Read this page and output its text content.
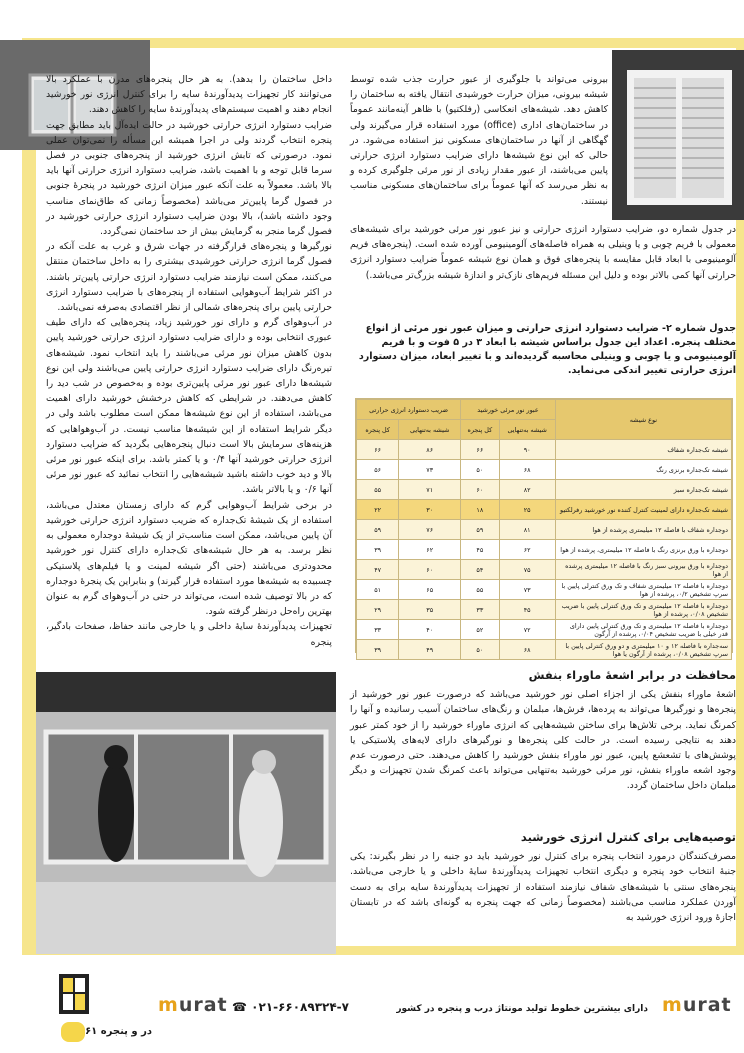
داخل ساختمان را بدهد). به هر حال پنجره‌های مدرن با عملکرد بالا می‌توانند کار تجهیزات پدیدآورندهٔ سایه را برای کنترل انرژی نور خورشید انجام دهند و اهمیت سیستم‌های پدیدآورندهٔ سایه را کاهش دهند.

ضرایب دستوارد انرژی حرارتی خورشید در حالت ایده‌آل باید مطابق جهت پنجره انتخاب گردند ولی در اجرا همیشه این مسأله را نمی‌توان عملی نمود. درصورتی که تابش انرژی خورشید از پنجره‌های جنوبی در فصل سرما قابل توجه و با اهمیت باشد، ضرایب دستوارد انرژی حرارتی آنها باید بالا باشد. معمولاً به علت آنکه عبور میزان انرژی خورشید در پنجرهٔ جنوبی در فصول گرما پایین‌تر می‌باشد (مخصوصاً زمانی که طاق‌نمای مناسب وجود داشته باشد)، بالا بودن ضرایب دستوارد انرژی حرارتی خورشید در فصول گرما منجر به گرمایش بیش از حد ساختمان نمی‌گردد.

نورگیرها و پنجره‌های قرارگرفته در جهات شرق و غرب به علت آنکه در فصول گرما انرژی حرارتی خورشیدی بیشتری را به داخل ساختمان منتقل می‌کنند، ممکن است نیازمند ضرایب دستوارد انرژی حرارتی پایین‌تر باشند. در اکثر شرایط آب‌وهوایی استفاده از پنجره‌های با ضرایب دستوارد انرژی حرارتی پایین برای پنجره‌های شمالی از نظر اقتصادی به‌صرفه نمی‌باشد.

در آب‌وهوای گرم و دارای نور خورشید زیاد، پنجره‌هایی که دارای طیف عبوری انتخابی بوده و دارای ضرایب دستوارد انرژی حرارتی خورشید پایین بدون کاهش میزان نور مرئی می‌باشند را باید انتخاب نمود. شیشه‌های تیره‌رنگ دارای ضرایب دستوارد انرژی حرارتی پایین می‌باشند ولی این نوع شیشه‌ها دارای عبور نور مرئی پایین‌تری بوده و به‌خصوص در شب دید را کاهش می‌دهند. در شرایطی که کاهش درخشش خورشید دارای اهمیت می‌باشد، استفاده از این نوع شیشه‌ها ممکن است مطلوب باشد ولی در دیگر شرایط استفاده از این شیشه‌ها مناسب نیست. در آب‌وهواهایی که هزینه‌های سرمایش بالا است دنبال پنجره‌هایی بگردید که ضرایب دستوارد انرژی حرارتی خورشید آنها ۰/۴ و یا کمتر باشد. برای اینکه عبور نور مرئی بالا و دید خوب داشته باشید شیشه‌هایی را انتخاب نمائید که عبور نور مرئی آنها ۰/۶ و یا بالاتر باشد.

در برخی شرایط آب‌وهوایی گرم که دارای زمستان معتدل می‌باشد، استفاده از یک شیشهٔ تک‌جداره که ضریب دستوارد انرژی حرارتی خورشید آن پایین می‌باشد، ممکن است مناسب‌تر از یک شیشهٔ دوجداره معمولی به نظر برسد. به هر حال شیشه‌های تک‌جداره دارای کنترل نور خورشید محدودتری می‌باشند (حتی اگر شیشه لمینت و یا فیلم‌های پلاستیکی چسبیده به شیشه‌ها مورد استفاده قرار گیرند) و بنابراین یک پنجرهٔ دوجداره که در بالا توصیف شده است، می‌تواند در حتی در آب‌وهوای گرم به عنوان بهترین راه‌حل درنظر گرفته شود.

تجهیزات پدیدآورندهٔ سایهٔ داخلی و یا خارجی مانند حفاظ، صفحات بادگیر، پنجره

بیرونی می‌تواند با جلوگیری از عبور حرارت جذب شده توسط شیشه بیرونی، میزان حرارت خورشیدی انتقال یافته به ساختمان را کاهش دهد. شیشه‌های انعکاسی (رفلکتیو) با ظاهر آینه‌مانند عموماً در ساختمان‌های اداری (office) مورد استفاده قرار می‌گیرند ولی گهگاهی از آنها در ساختمان‌های مسکونی نیز استفاده می‌شود. در حالی که این نوع شیشه‌ها دارای ضرایب دستوارد انرژی حرارتی پایین می‌باشند، از عبور مقدار زیادی از نور مرئی جلوگیری کرده و به نظر می‌رسد که آنها عموماً برای ساختمان‌های مسکونی مناسب نیستند.

در جدول شماره دو، ضرایب دستوارد انرژی حرارتی و نیز عبور نور مرئی خورشید برای شیشه‌های معمولی با فریم چوبی و یا وینیلی به همراه فاصله‌های آلومینیومی آورده شده است. (پنجره‌های فریم آلومینیومی با ابعاد قابل مقایسه با پنجره‌های فوق و همان نوع شیشه عموماً ضرایب دستوارد انرژی حرارتی آنها کمی بالاتر بوده و دلیل این مسئله فریم‌های نازک‌تر و اندازهٔ شیشه بزرگ‌تر می‌باشد.)

جدول شماره ۲- ضرایب دستوارد انرژی حرارتی و میزان عبور نور مرئی از انواع مختلف پنجره. اعداد این جدول براساس شیشه با ابعاد ۳ در ۵ فوت و با فریم آلومینیومی و یا چوبی و وینیلی محاسبه گردیده‌اند و با تغییر ابعاد، میزان دستوارد انرژی حرارتی تغییر اندکی می‌نماید.
نوع شیشه	عبور نور مرئی خورشید		ضریب دستوارد انرژی حرارتی	
	شیشه به‌تنهایی	کل پنجره	شیشه به‌تنهایی	کل پنجره
شیشه تک‌جداره شفاف	۹۰	۶۶	۸۶	۶۶
شیشه تک‌جداره برنزی رنگ	۶۸	۵۰	۷۳	۵۶
شیشه تک‌جداره سبز	۸۲	۶۰	۷۱	۵۵
شیشه تک‌جداره دارای لمینیت کنترل کننده نور خورشید رفرلکتیو	۲۵	۱۸	۳۰	۲۲
دوجداره شفاف با فاصله ۱۲ میلیمتری پرشده از هوا	۸۱	۵۹	۷۶	۵۹
دوجداره با ورق برنزی رنگ با فاصله ۱۲ میلیمتری، پرشده از هوا	۶۲	۴۵	۶۲	۳۹
دوجداره با ورق بیرونی سبز رنگ با فاصله ۱۲ میلیمتری پرشده از هوا	۷۵	۵۴	۶۰	۴۷
دوجداره با فاصله ۱۲ میلیمتری شفاف و تک ورق کنترلی پایین با سرپ تشخیص ۰/۲، پرشده از هوا	۷۳	۵۵	۶۵	۵۱
دوجداره با فاصله ۱۲ میلیمتری و تک ورق کنترلی پایین با ضریب تشخیص ۰/۰۸، پرشده از هوا	۴۵	۳۳	۳۵	۲۹
دوجداره با فاصله ۱۲ میلیمتری و تک ورق کنترلی پایین دارای قدر خیلی با ضریب تشخیص ۰/۰۴، پرشده از آرگون	۷۲	۵۲	۴۰	۳۳
سه‌جداره با فاصله ۱۲ و ۱۰ میلیمتری و دو ورق کنترلی پایین با سرپ تشخیص ۰/۰۸، پرشده از آرگون یا هوا	۶۸	۵۰	۴۹	۳۹
محافظت در برابر اشعهٔ ماوراء بنفش

اشعهٔ ماوراء بنفش یکی از اجزاء اصلی نور خورشید می‌باشد که درصورت عبور نور خورشید از پنجره‌ها و نورگیرها می‌تواند به پرده‌ها، فرش‌ها، مبلمان و رنگ‌های ساختمان آسیب رسانیده و آنها را کمرنگ نماید. برخی تلاش‌ها برای ساختن شیشه‌هایی که انرژی ماوراء خورشید را از خود کمتر عبور دهند به نتایجی رسیده است. در حالت کلی پنجره‌ها و نورگیرهای دارای لایه‌های پلاستیکی یا پوشش‌های با تشعشع پایین، عبور نور ماوراء بنفش خورشید را کاهش می‌دهند. حتی درصورت عدم وجود اشعه ماوراء بنفش، نور مرئی خورشید به‌تنهایی می‌تواند باعث کمرنگ شدن تجهیزات و دیگر مبلمان داخل ساختمان گردد.

توصیه‌هایی برای کنترل انرژی خورشید

مصرف‌کنندگان درمورد انتخاب پنجره برای کنترل نور خورشید باید دو جنبه را در نظر بگیرند: یکی جنبهٔ انتخاب خود پنجره و دیگری انتخاب تجهیزات پدیدآورندهٔ سایهٔ داخلی و یا خارجی می‌باشد. پنجره‌های سنتی با شیشه‌های شفاف نیازمند استفاده از تجهیزات پدیدآورندهٔ سایه برای به دست آوردن عملکرد مناسب می‌باشند (مخصوصاً زمانی که جهت پنجره به گونه‌ای باشد که در تابستان اجازهٔ ورود انرژی خورشید به

murat
دارای بیشترین خطوط تولید مونتاژ درب و پنجره در کشور
☎ ۰۲۱-۶۶۰۸۹۳۲۴-۷
murat
در و پنجره ۶۱
